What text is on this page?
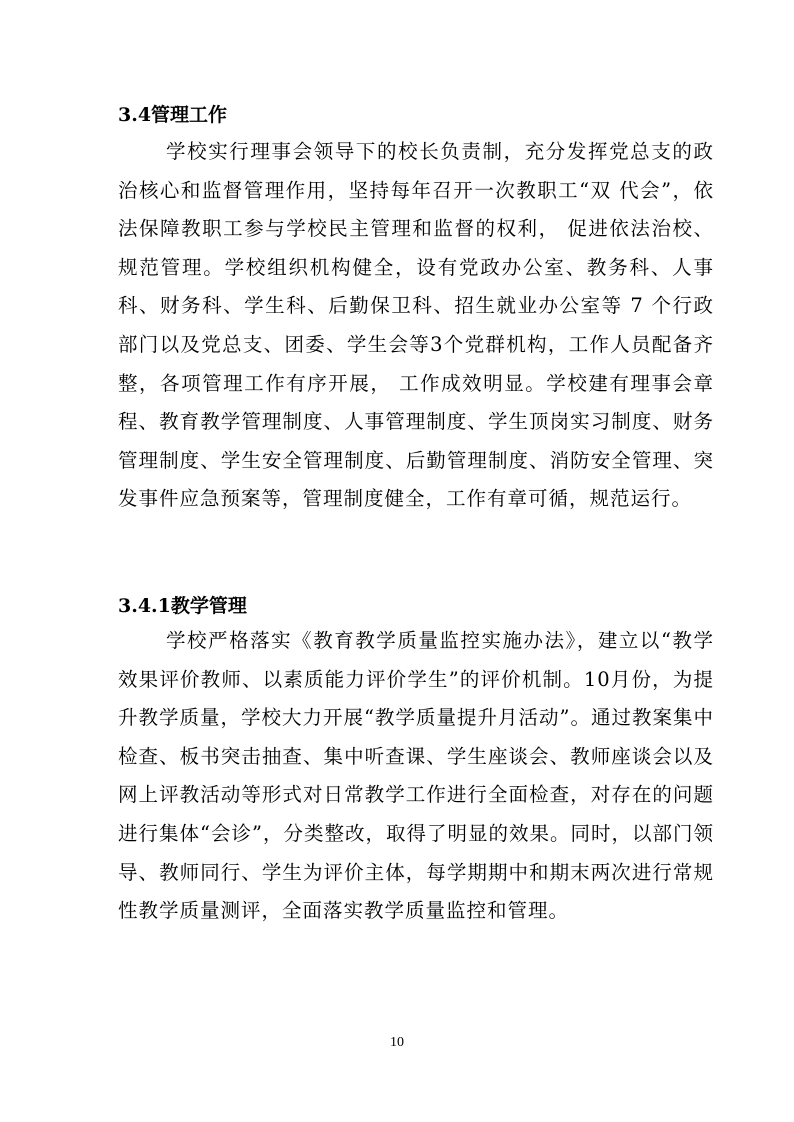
3.4管理工作

学校实行理事会领导下的校长负责制，充分发挥党总支的政治核心和监督管理作用，坚持每年召开一次教职工“双 代会”，依法保障教职工参与学校民主管理和监督的权利， 促进依法治校、规范管理。学校组织机构健全，设有党政办公室、教务科、人事科、财务科、学生科、后勤保卫科、招生就业办公室等 7 个行政部门以及党总支、团委、学生会等3个党群机构，工作人员配备齐整，各项管理工作有序开展， 工作成效明显。学校建有理事会章程、教育教学管理制度、人事管理制度、学生顶岗实习制度、财务管理制度、学生安全管理制度、后勤管理制度、消防安全管理、突发事件应急预案等，管理制度健全，工作有章可循，规范运行。

3.4.1教学管理

学校严格落实《教育教学质量监控实施办法》，建立以“教学效果评价教师、以素质能力评价学生”的评价机制。10月份，为提升教学质量，学校大力开展“教学质量提升月活动”。通过教案集中检查、板书突击抽查、集中听查课、学生座谈会、教师座谈会以及网上评教活动等形式对日常教学工作进行全面检查，对存在的问题进行集体“会诊”，分类整改，取得了明显的效果。同时，以部门领导、教师同行、学生为评价主体，每学期期中和期末两次进行常规性教学质量测评，全面落实教学质量监控和管理。

10
